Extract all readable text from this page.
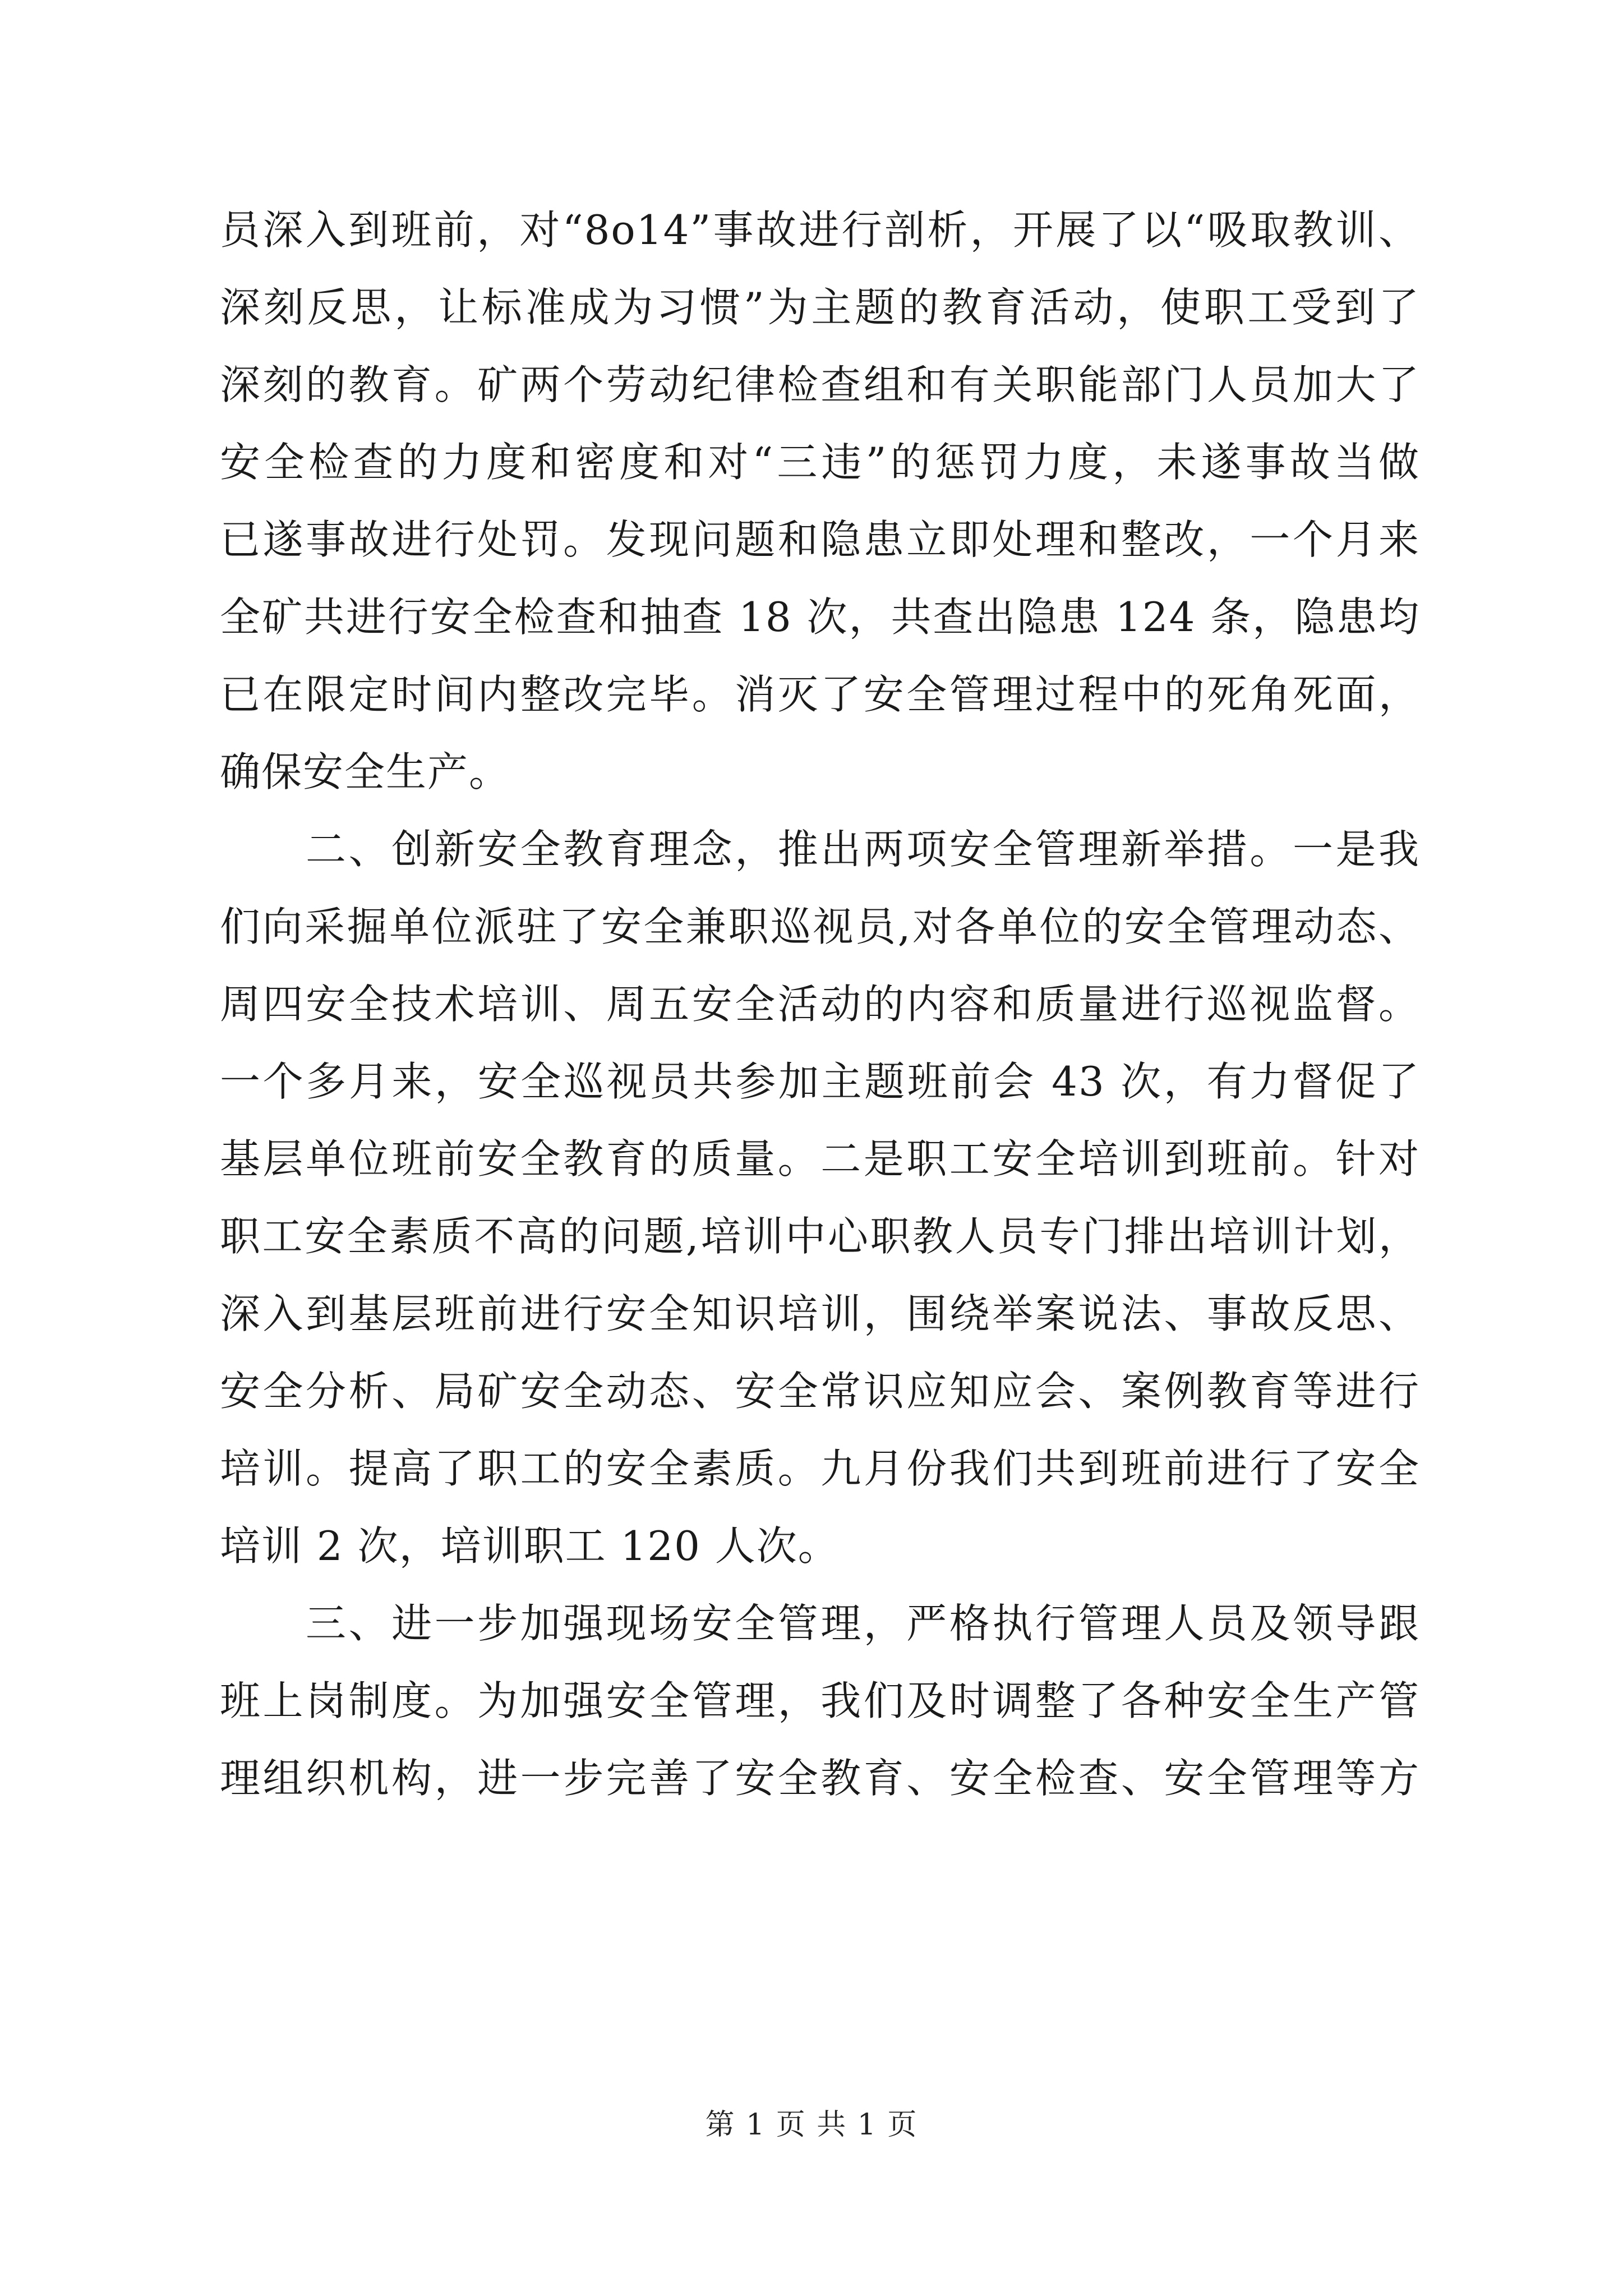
员深入到班前，对“8o14”事故进行剖析，开展了以“吸取教训、
深刻反思，让标准成为习惯”为主题的教育活动，使职工受到了
深刻的教育。矿两个劳动纪律检查组和有关职能部门人员加大了
安全检查的力度和密度和对“三违”的惩罚力度，未遂事故当做
已遂事故进行处罚。发现问题和隐患立即处理和整改，一个月来
全矿共进行安全检查和抽查 18 次，共查出隐患 124 条，隐患均
已在限定时间内整改完毕。消灭了安全管理过程中的死角死面，
确保安全生产。
　　二、创新安全教育理念，推出两项安全管理新举措。一是我
们向采掘单位派驻了安全兼职巡视员,对各单位的安全管理动态、
周四安全技术培训、周五安全活动的内容和质量进行巡视监督。
一个多月来，安全巡视员共参加主题班前会 43 次，有力督促了
基层单位班前安全教育的质量。二是职工安全培训到班前。针对
职工安全素质不高的问题,培训中心职教人员专门排出培训计划，
深入到基层班前进行安全知识培训，围绕举案说法、事故反思、
安全分析、局矿安全动态、安全常识应知应会、案例教育等进行
培训。提高了职工的安全素质。九月份我们共到班前进行了安全
培训 2 次，培训职工 120 人次。
　　三、进一步加强现场安全管理，严格执行管理人员及领导跟
班上岗制度。为加强安全管理，我们及时调整了各种安全生产管
理组织机构，进一步完善了安全教育、安全检查、安全管理等方
第 1 页 共 1 页
